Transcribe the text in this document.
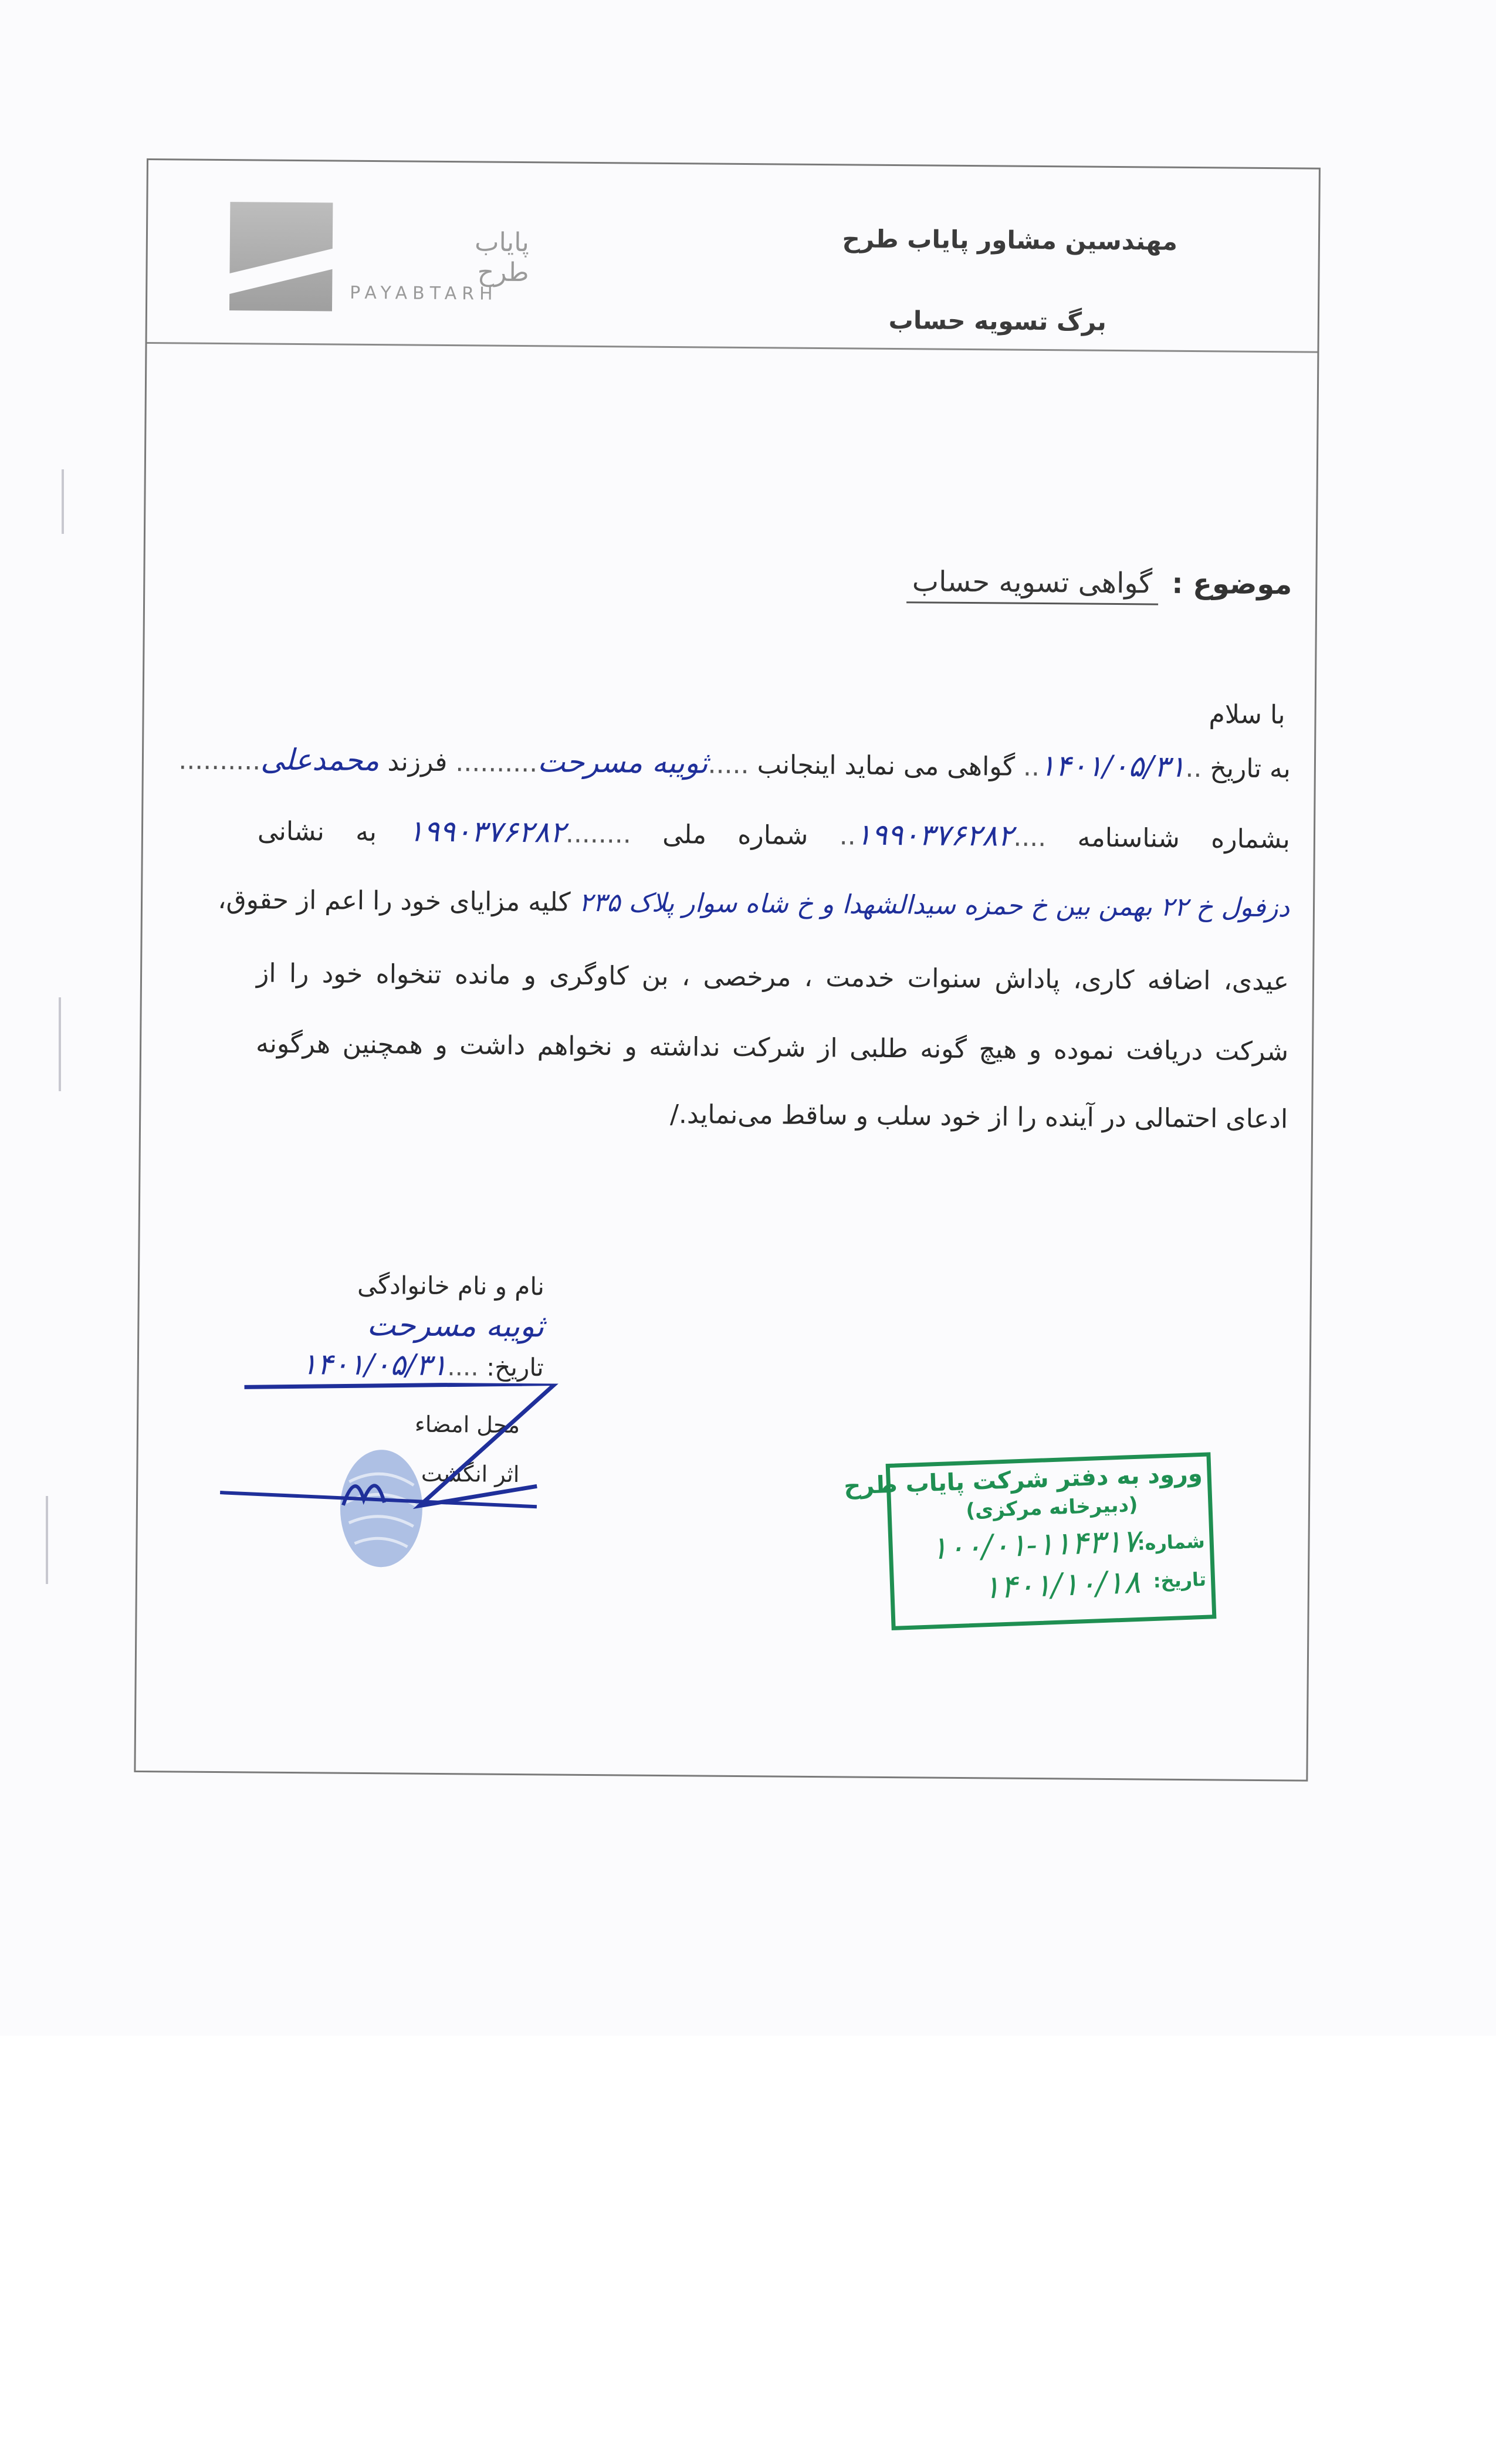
پایاب طرح
PAYABTARH
مهندسین مشاور پایاب طرح
برگ تسویه حساب
موضوع : گواهی تسویه حساب
با سلام
به تاریخ ..۱۴۰۱/۰۵/۳۱.. گواهی می نماید اینجانب .....ثویبه مسرحت.......... فرزند محمدعلی..........
بشماره شناسنامه ....۱۹۹۰۳۷۶۲۸۲.. شماره ملی ........۱۹۹۰۳۷۶۲۸۲ به نشانی
دزفول خ ۲۲ بهمن بین خ حمزه سیدالشهدا و خ شاه سوار پلاک ۲۳۵ کلیه مزایای خود را اعم از حقوق،
عیدی، اضافه کاری، پاداش سنوات خدمت ، مرخصی ، بن کاوگری و مانده تنخواه خود را از
شرکت دریافت نموده و هیچ گونه طلبی از شرکت نداشته و نخواهم داشت و همچنین هرگونه
ادعای احتمالی در آینده را از خود سلب و ساقط می‌نماید./
نام و نام خانوادگی
ثویبه مسرحت
تاریخ: ....۱۴۰۱/۰۵/۳۱
محل امضاء
اثر انگشت	ورود به دفتر شرکت پایاب طرح
(دبیرخانه مرکزی)
شماره:
۱۰۰/۰۱-۱۱۴۳۱۷
تاریخ:
۱۴۰۱/۱۰/۱۸
